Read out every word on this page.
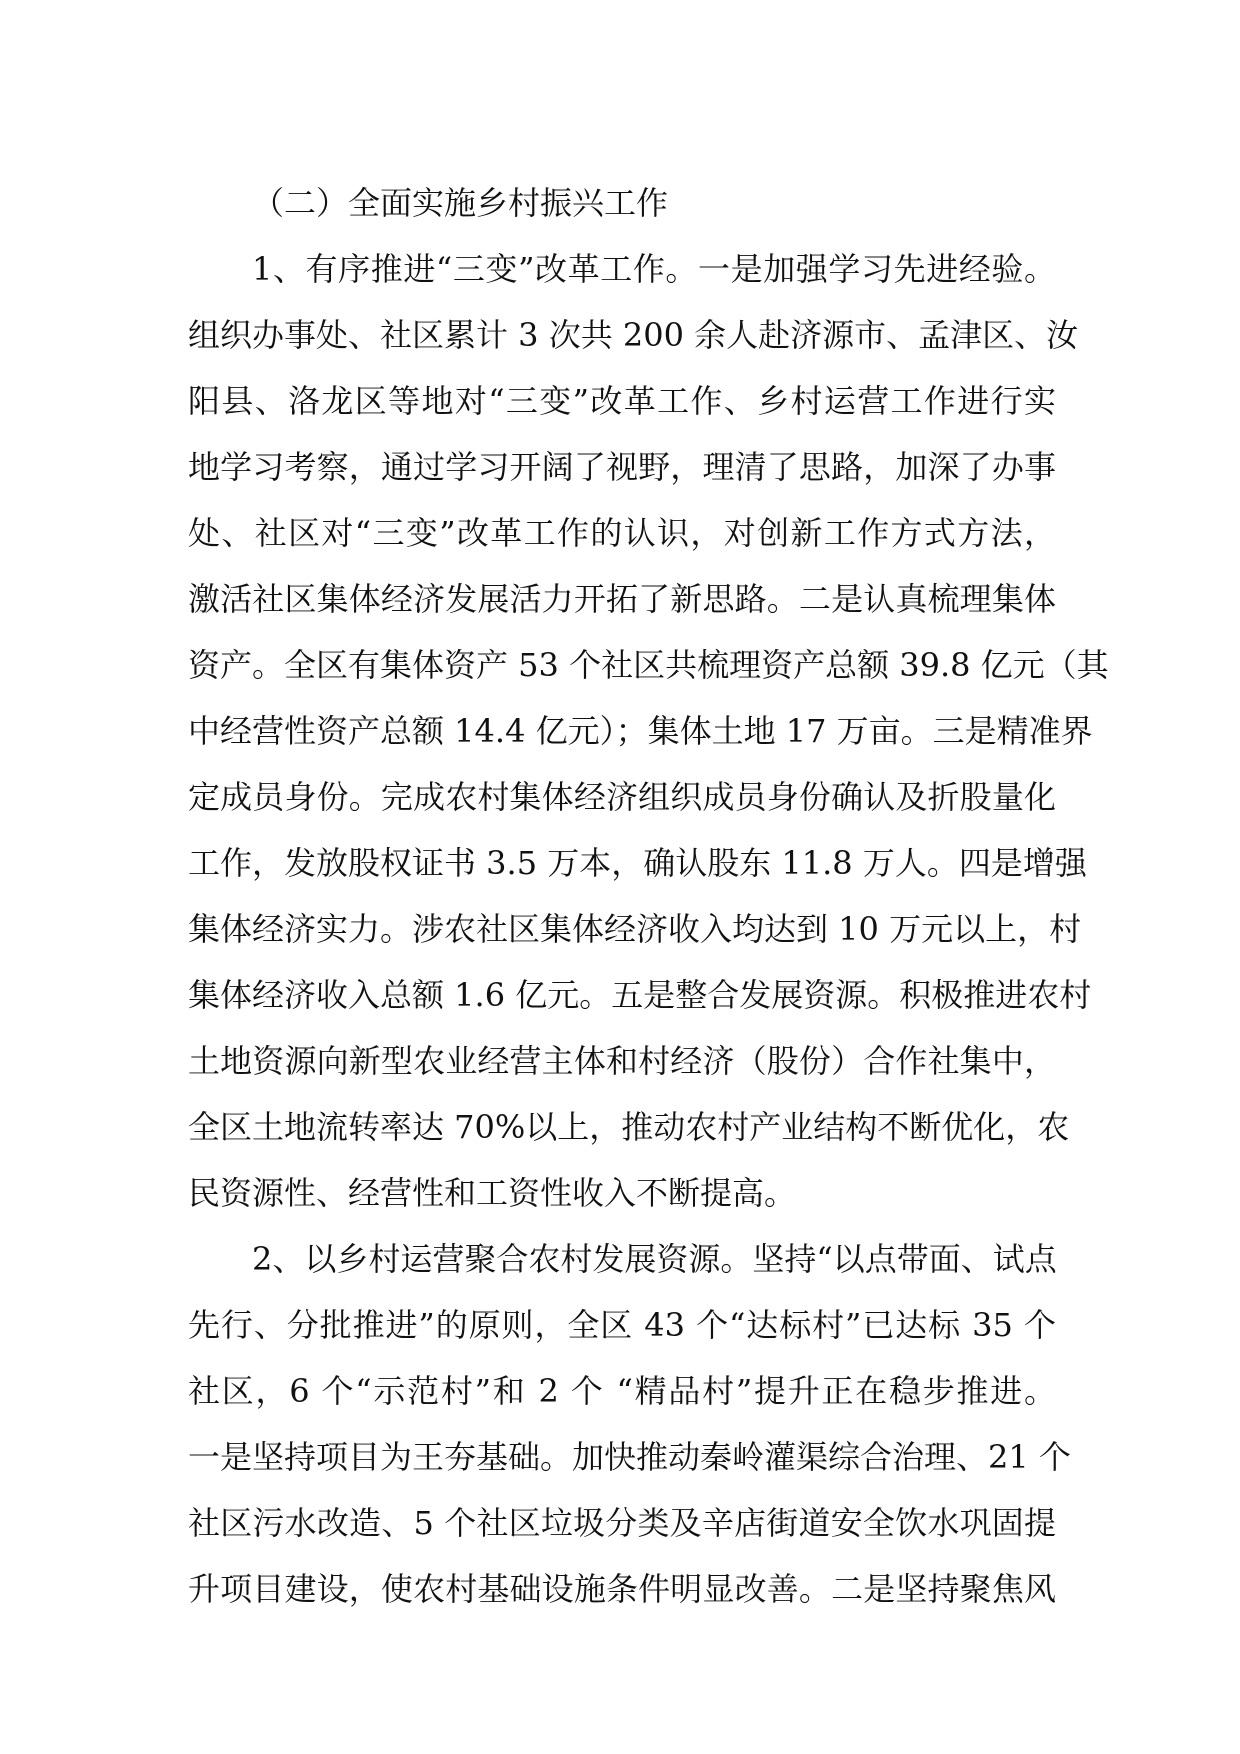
（二）全面实施乡村振兴工作
1、有序推进“三变”改革工作。一是加强学习先进经验。
组织办事处、社区累计 3 次共 200 余人赴济源市、孟津区、汝
阳县、洛龙区等地对“三变”改革工作、乡村运营工作进行实
地学习考察，通过学习开阔了视野，理清了思路，加深了办事
处、社区对“三变”改革工作的认识，对创新工作方式方法，
激活社区集体经济发展活力开拓了新思路。二是认真梳理集体
资产。全区有集体资产 53 个社区共梳理资产总额 39.8 亿元（其
中经营性资产总额 14.4 亿元）；集体土地 17 万亩。三是精准界
定成员身份。完成农村集体经济组织成员身份确认及折股量化
工作，发放股权证书 3.5 万本，确认股东 11.8 万人。四是增强
集体经济实力。涉农社区集体经济收入均达到 10 万元以上，村
集体经济收入总额 1.6 亿元。五是整合发展资源。积极推进农村
土地资源向新型农业经营主体和村经济（股份）合作社集中，
全区土地流转率达 70%以上，推动农村产业结构不断优化，农
民资源性、经营性和工资性收入不断提高。
2、以乡村运营聚合农村发展资源。坚持“以点带面、试点
先行、分批推进”的原则，全区 43 个“达标村”已达标 35 个
社区，6 个“示范村”和 2 个 “精品村”提升正在稳步推进。
一是坚持项目为王夯基础。加快推动秦岭灌渠综合治理、21 个
社区污水改造、5 个社区垃圾分类及辛店街道安全饮水巩固提
升项目建设，使农村基础设施条件明显改善。二是坚持聚焦风
